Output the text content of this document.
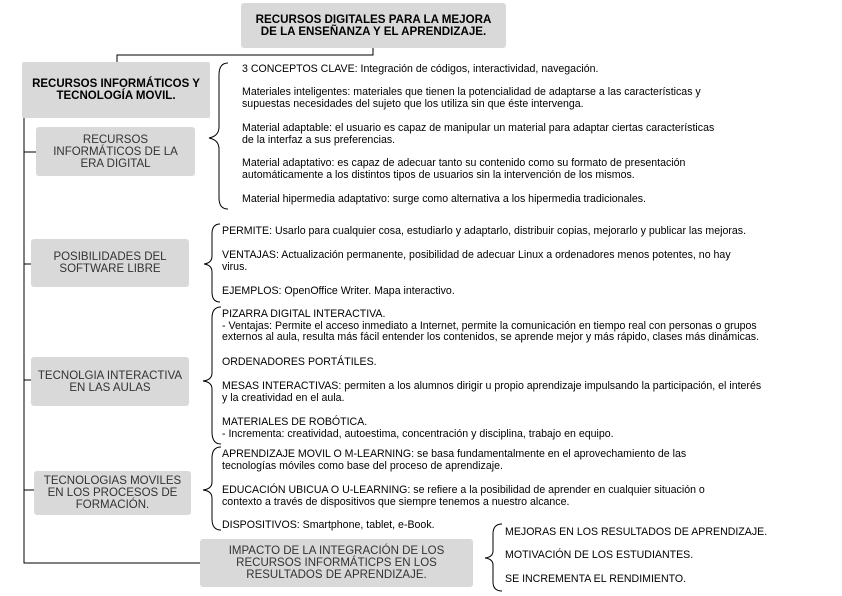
RECURSOS DIGITALES PARA LA MEJORA
DE LA ENSEÑANZA Y EL APRENDIZAJE.
RECURSOS INFORMÁTICOS Y
TECNOLOGÍA MOVIL.
RECURSOS
INFORMÁTICOS DE LA
ERA DIGITAL

3 CONCEPTOS CLAVE: Integración de códigos, interactividad, navegación.

Materiales inteligentes: materiales que tienen la potencialidad de adaptarse a las características y
supuestas necesidades del sujeto que los utiliza sin que éste intervenga.

Material adaptable: el usuario es capaz de manipular un material para adaptar ciertas características
de la interfaz a sus preferencias.

Material adaptativo: es capaz de adecuar tanto su contenido como su formato de presentación
automáticamente a los distintos tipos de usuarios sin la intervención de los mismos.

Material hipermedia adaptativo: surge como alternativa a los hipermedia tradicionales.

POSIBILIDADES DEL
SOFTWARE LIBRE

PERMITE: Usarlo para cualquier cosa, estudiarlo y adaptarlo, distribuir copias, mejorarlo y publicar las mejoras.

VENTAJAS: Actualización permanente, posibilidad de adecuar Linux a ordenadores menos potentes, no hay
virus.

EJEMPLOS: OpenOffice Writer. Mapa interactivo.

TECNOLGIA INTERACTIVA
EN LAS AULAS

PIZARRA DIGITAL INTERACTIVA.
- Ventajas: Permite el acceso inmediato a Internet, permite la comunicación en tiempo real con personas o grupos
externos al aula, resulta más fácil entender los contenidos, se aprende mejor y más rápido, clases más dinámicas.

ORDENADORES PORTÁTILES.

MESAS INTERACTIVAS: permiten a los alumnos dirigir u propio aprendizaje impulsando la participación, el interés
y la creatividad en el aula.

MATERIALES DE ROBÓTICA.
- Incrementa: creatividad, autoestima, concentración y disciplina, trabajo en equipo.

TECNOLOGIAS MOVILES
EN LOS PROCESOS DE
FORMACIÓN.

APRENDIZAJE MOVIL O M-LEARNING: se basa fundamentalmente en el aprovechamiento de las
tecnologías móviles como base del proceso de aprendizaje.

EDUCACIÓN UBICUA O U-LEARNING: se refiere a la posibilidad de aprender en cualquier situación o
contexto a través de dispositivos que siempre tenemos a nuestro alcance.

DISPOSITIVOS: Smartphone, tablet, e-Book.

IMPACTO DE LA INTEGRACIÓN DE LOS
RECURSOS INFORMÁTICPS EN LOS
RESULTADOS DE APRENDIZAJE.

MEJORAS EN LOS RESULTADOS DE APRENDIZAJE.

MOTIVACIÓN DE LOS ESTUDIANTES.

SE INCREMENTA EL RENDIMIENTO.
